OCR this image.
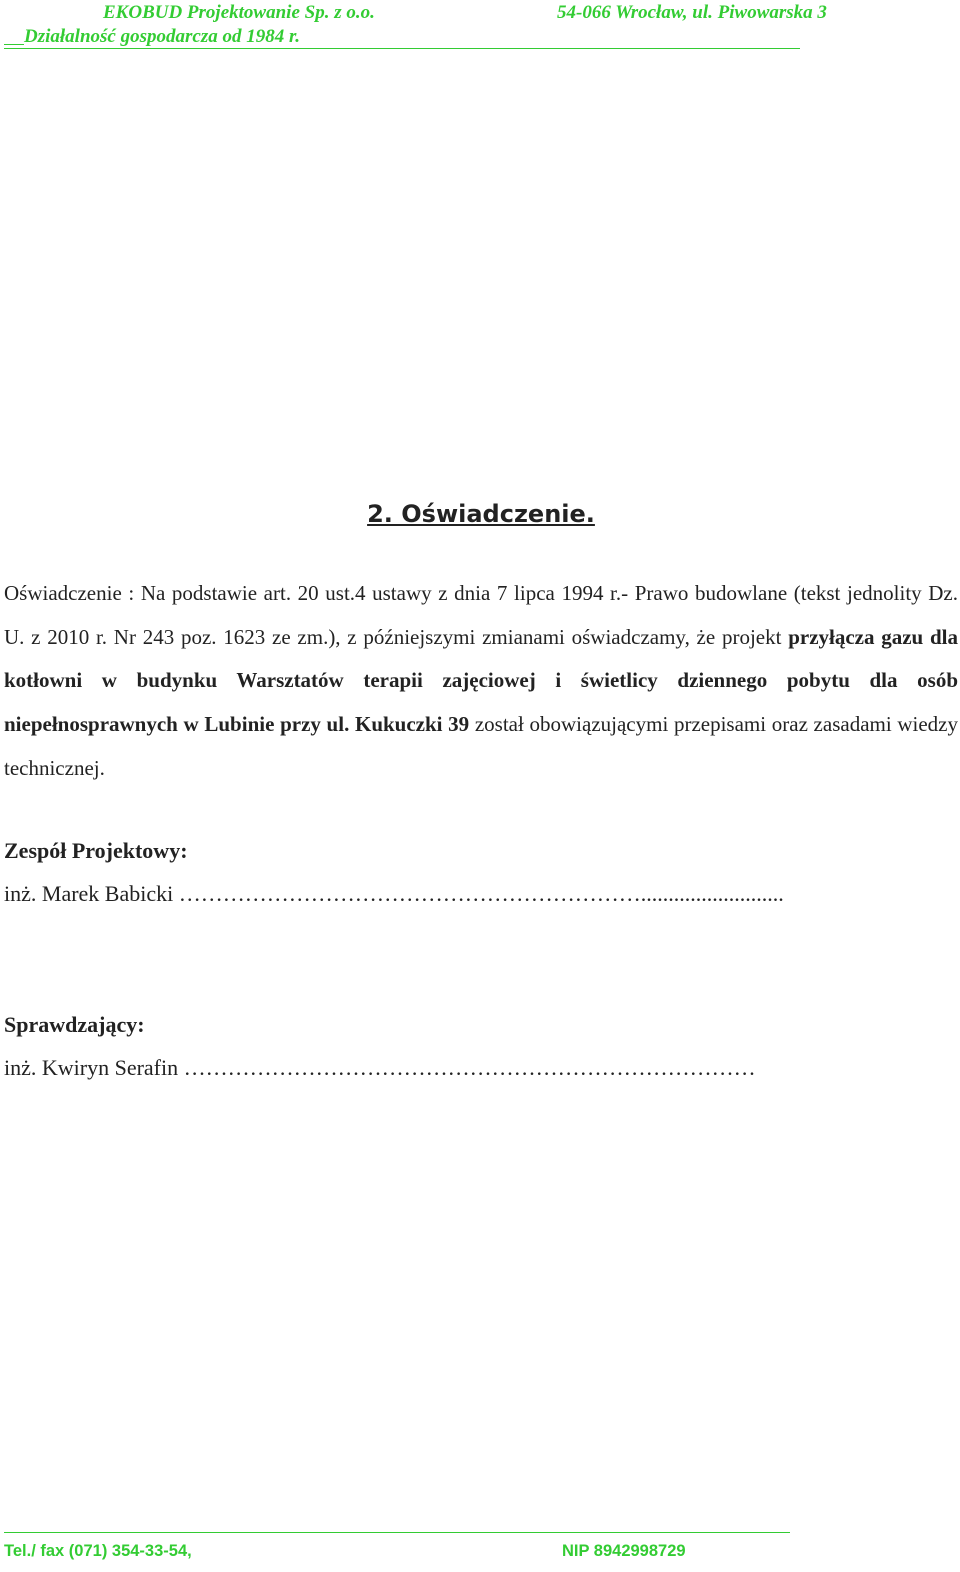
EKOBUD Projektowanie Sp. z o.o.	54-066 Wrocław, ul. Piwowarska 3
Działalność gospodarcza od 1984 r.
2. Oświadczenie.
Oświadczenie : Na podstawie art. 20 ust.4 ustawy z dnia 7 lipca 1994 r.- Prawo budowlane (tekst jednolity Dz. U. z 2010 r. Nr 243 poz. 1623 ze zm.), z późniejszymi zmianami oświadczamy, że projekt przyłącza gazu dla kotłowni w budynku Warsztatów terapii zajęciowej i świetlicy dziennego pobytu dla osób niepełnosprawnych w Lubinie przy ul. Kukuczki 39 został obowiązującymi przepisami oraz zasadami wiedzy technicznej.
Zespół Projektowy:
inż. Marek Babicki ………………………………………………………..........................
Sprawdzający:
inż. Kwiryn Serafin ……………………………………………………………………
Tel./ fax (071) 354-33-54,	NIP 8942998729
